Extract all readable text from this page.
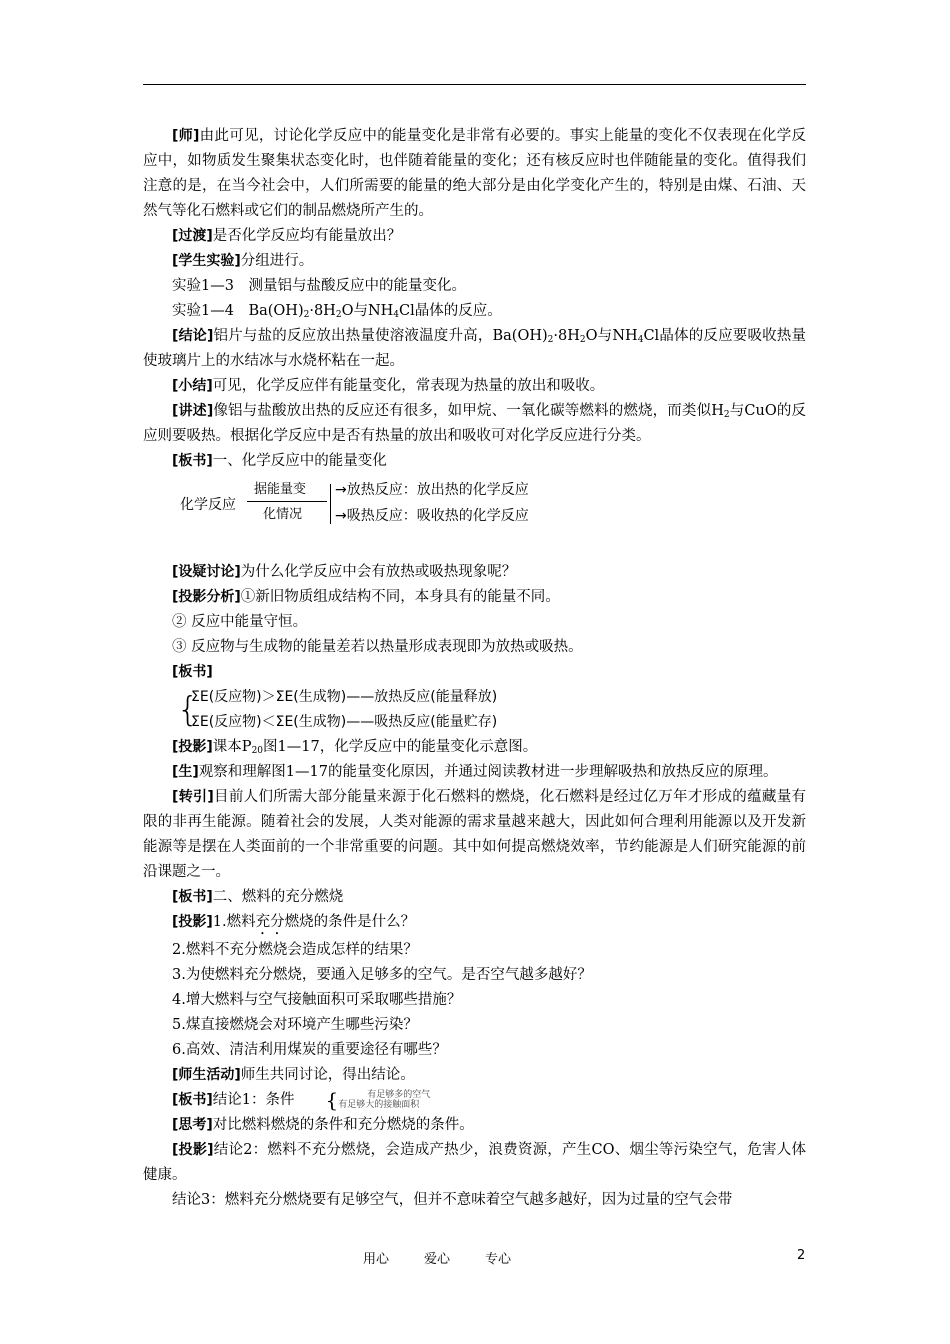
[师]由此可见，讨论化学反应中的能量变化是非常有必要的。事实上能量的变化不仅表现在化学反应中，如物质发生聚集状态变化时，也伴随着能量的变化；还有核反应时也伴随能量的变化。值得我们注意的是，在当今社会中，人们所需要的能量的绝大部分是由化学变化产生的，特别是由煤、石油、天然气等化石燃料或它们的制品燃烧所产生的。

[过渡]是否化学反应均有能量放出？

[学生实验]分组进行。

实验1—3　测量铝与盐酸反应中的能量变化。

实验1—4　$Ba(OH)_2\cdot 8H_2O$与$NH_4Cl$晶体的反应。

[结论]铝片与盐的反应放出热量使溶液温度升高，$Ba(OH)_2\cdot 8H_2O$与$NH_4Cl$晶体的反应要吸收热量使玻璃片上的水结冰与水烧杯粘在一起。

[小结]可见，化学反应伴有能量变化，常表现为热量的放出和吸收。

[讲述]像铝与盐酸放出热的反应还有很多，如甲烷、一氧化碳等燃料的燃烧，而类似$H_2$与CuO的反应则要吸热。根据化学反应中是否有热量的放出和吸收可对化学反应进行分类。

[板书]一、化学反应中的能量变化

化学反应
据能量变
化情况
→放热反应：放出热的化学反应
→吸热反应：吸收热的化学反应

[设疑讨论]为什么化学反应中会有放热或吸热现象呢？

[投影分析]①新旧物质组成结构不同，本身具有的能量不同。

② 反应中能量守恒。

③ 反应物与生成物的能量差若以热量形成表现即为放热或吸热。

[板书]

{
ΣE(反应物)＞ΣE(生成物)——放热反应(能量释放)
ΣE(反应物)＜ΣE(生成物)——吸热反应(能量贮存)

[投影]课本$P_{20}$图1—17，化学反应中的能量变化示意图。

[生]观察和理解图1—17的能量变化原因，并通过阅读教材进一步理解吸热和放热反应的原理。

[转引]目前人们所需大部分能量来源于化石燃料的燃烧，化石燃料是经过亿万年才形成的蕴藏量有限的非再生能源。随着社会的发展，人类对能源的需求量越来越大，因此如何合理利用能源以及开发新能源等是摆在人类面前的一个非常重要的问题。其中如何提高燃烧效率，节约能源是人们研究能源的前沿课题之一。

[板书]二、燃料的充分燃烧

[投影]1.燃料充分燃烧的条件是什么？

2.燃料不充分燃烧会造成怎样的结果？

3.为使燃料充分燃烧，要通入足够多的空气。是否空气越多越好？

4.增大燃料与空气接触面积可采取哪些措施？

5.煤直接燃烧会对环境产生哪些污染？

6.高效、清洁利用煤炭的重要途径有哪些？

[师生活动]师生共同讨论，得出结论。

[板书]结论1：条件 {	有足够多的空气
有足够大的接触面积

[思考]对比燃料燃烧的条件和充分燃烧的条件。

[投影]结论2：燃料不充分燃烧，会造成产热少，浪费资源，产生CO、烟尘等污染空气，危害人体健康。

结论3：燃料充分燃烧要有足够空气，但并不意味着空气越多越好，因为过量的空气会带

用心	爱心	专心	2
